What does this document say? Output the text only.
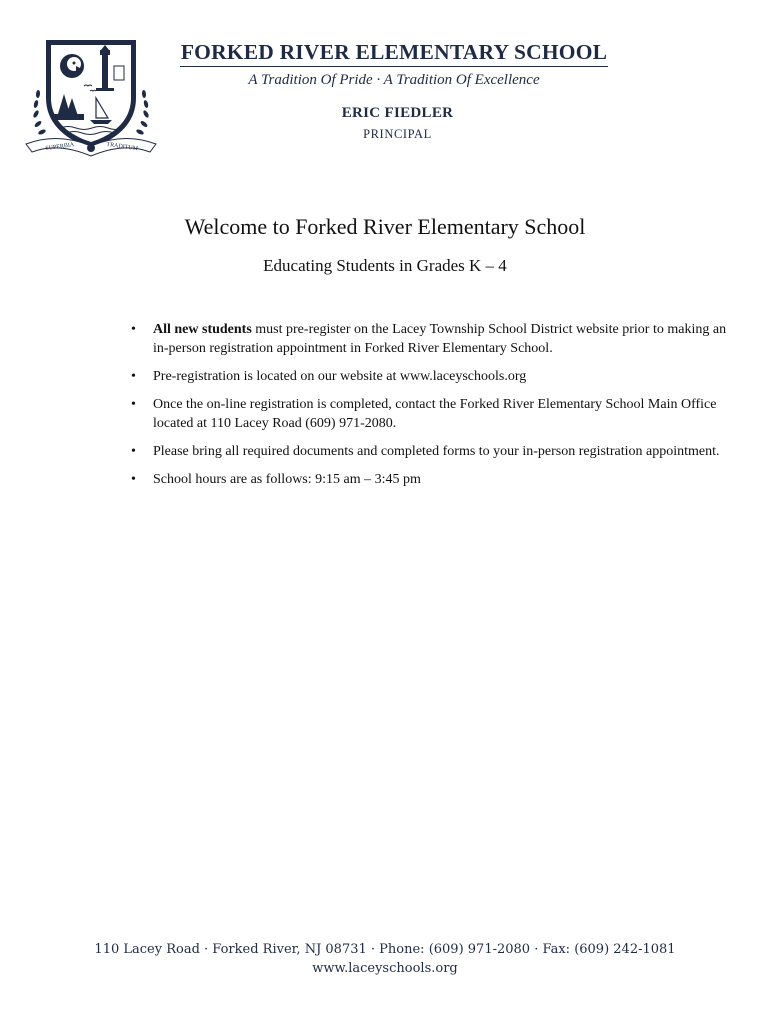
SUPERBIA	TRADITUM
FORKED RIVER ELEMENTARY SCHOOL
A Tradition Of Pride · A Tradition Of Excellence
ERIC FIEDLER
PRINCIPAL
Welcome to Forked River Elementary School
Educating Students in Grades K – 4
• All new students must pre-register on the Lacey Township School District website prior to making an in-person registration appointment in Forked River Elementary School.
• Pre-registration is located on our website at www.laceyschools.org
• Once the on-line registration is completed, contact the Forked River Elementary School Main Office located at 110 Lacey Road (609) 971-2080.
• Please bring all required documents and completed forms to your in-person registration appointment.
• School hours are as follows: 9:15 am – 3:45 pm
110 Lacey Road · Forked River, NJ 08731 · Phone: (609) 971-2080 · Fax: (609) 242-1081
www.laceyschools.org
